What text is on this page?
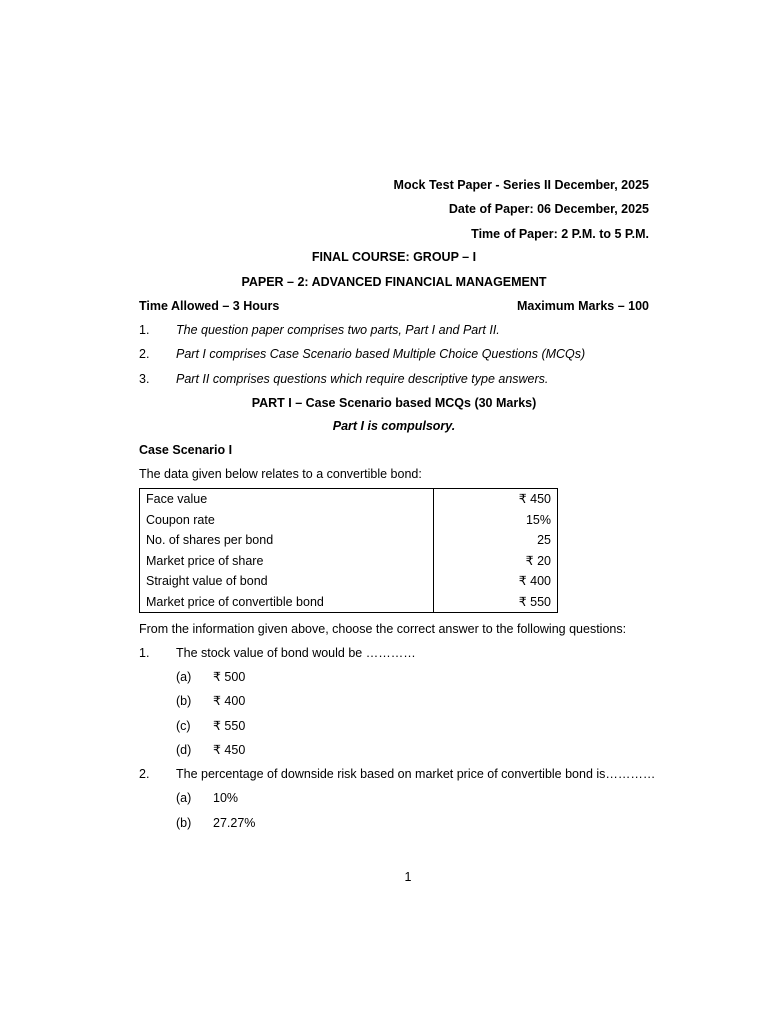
Mock Test Paper - Series II December, 2025
Date of Paper: 06 December, 2025
Time of Paper: 2 P.M. to 5 P.M.
FINAL COURSE: GROUP – I
PAPER – 2: ADVANCED FINANCIAL MANAGEMENT
Time Allowed – 3 Hours	Maximum Marks – 100
1. The question paper comprises two parts, Part I and Part II.
2. Part I comprises Case Scenario based Multiple Choice Questions (MCQs)
3. Part II comprises questions which require descriptive type answers.
PART I – Case Scenario based MCQs (30 Marks)
Part I is compulsory.
Case Scenario I
The data given below relates to a convertible bond:
Face value	₹ 450
Coupon rate	15%
No. of shares per bond	25
Market price of share	₹ 20
Straight value of bond	₹ 400
Market price of convertible bond	₹ 550
From the information given above, choose the correct answer to the following questions:
1. The stock value of bond would be …………
(a) ₹ 500
(b) ₹ 400
(c) ₹ 550
(d) ₹ 450
2. The percentage of downside risk based on market price of convertible bond is…………
(a) 10%
(b) 27.27%
1
